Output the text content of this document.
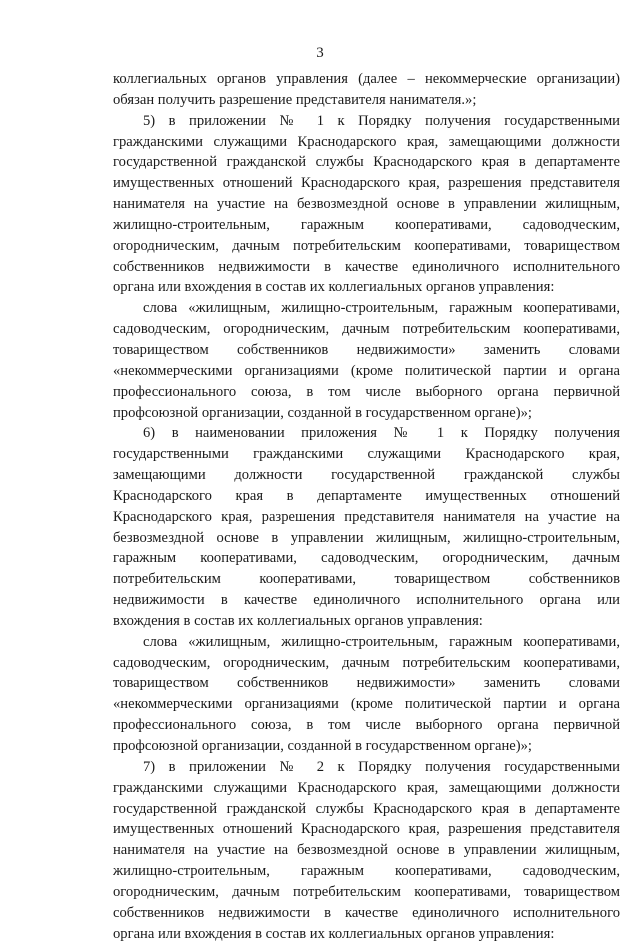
3
коллегиальных органов управления (далее – некоммерческие организации)
обязан получить разрешение представителя нанимателя.»;
5) в приложении № 1 к Порядку получения государственными
гражданскими служащими Краснодарского края, замещающими должности
государственной гражданской службы Краснодарского края в департаменте
имущественных отношений Краснодарского края, разрешения представителя
нанимателя на участие на безвозмездной основе в управлении жилищным,
жилищно-строительным, гаражным кооперативами, садоводческим,
огородническим, дачным потребительским кооперативами, товариществом
собственников недвижимости в качестве единоличного исполнительного
органа или вхождения в состав их коллегиальных органов управления:
слова «жилищным, жилищно-строительным, гаражным кооперативами,
садоводческим, огородническим, дачным потребительским кооперативами,
товариществом собственников недвижимости» заменить словами
«некоммерческими организациями (кроме политической партии и органа
профессионального союза, в том числе выборного органа первичной
профсоюзной организации, созданной в государственном органе)»;
6) в наименовании приложения № 1 к Порядку получения
государственными гражданскими служащими Краснодарского края,
замещающими должности государственной гражданской службы
Краснодарского края в департаменте имущественных отношений
Краснодарского края, разрешения представителя нанимателя на участие на
безвозмездной основе в управлении жилищным, жилищно-строительным,
гаражным кооперативами, садоводческим, огородническим, дачным
потребительским кооперативами, товариществом собственников
недвижимости в качестве единоличного исполнительного органа или
вхождения в состав их коллегиальных органов управления:
слова «жилищным, жилищно-строительным, гаражным кооперативами,
садоводческим, огородническим, дачным потребительским кооперативами,
товариществом собственников недвижимости» заменить словами
«некоммерческими организациями (кроме политической партии и органа
профессионального союза, в том числе выборного органа первичной
профсоюзной организации, созданной в государственном органе)»;
7) в приложении № 2 к Порядку получения государственными
гражданскими служащими Краснодарского края, замещающими должности
государственной гражданской службы Краснодарского края в департаменте
имущественных отношений Краснодарского края, разрешения представителя
нанимателя на участие на безвозмездной основе в управлении жилищным,
жилищно-строительным, гаражным кооперативами, садоводческим,
огородническим, дачным потребительским кооперативами, товариществом
собственников недвижимости в качестве единоличного исполнительного
органа или вхождения в состав их коллегиальных органов управления:
